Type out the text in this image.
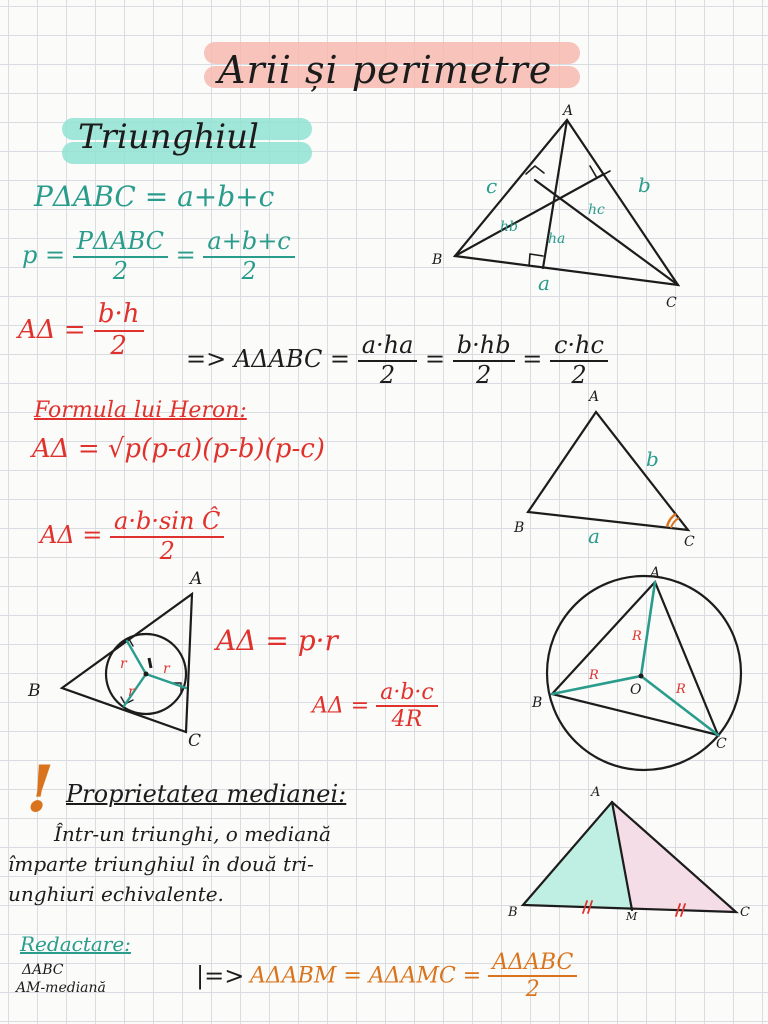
Arii și perimetre
Triunghiul
PΔABC = a+b+c
$p = \frac{\text{PΔABC}}{2} = \frac{a+b+c}{2}$
$A\Delta = \frac{b\cdot h}{2} => A\Delta ABC = \frac{a\cdot ha}{2} = \frac{b\cdot hb}{2} = \frac{c\cdot hc}{2}$
Formula lui Heron:
AΔ = √p(p-a)(p-b)(p-c)
$A\Delta = \frac{\text{a·b·sin Ĉ}}{2}$
AΔ = p·r
$A\Delta = \frac{a\cdot b\cdot c}{4R}$
! Proprietatea medianei:
Într-un triunghi, o mediană
împarte triunghiul în două tri-
unghiuri echivalente.
Redactare:
ΔABC
AM-mediană	|=> $A\Delta ABM = A\Delta AMC = \frac{\text{AΔABC}}{2}$
A
B
C
c	b
a
hb
ha
hc
A
B
C
b
a
A
B
C
r	r
r
A
B
C
O
R
R
R
A
B	C
M
